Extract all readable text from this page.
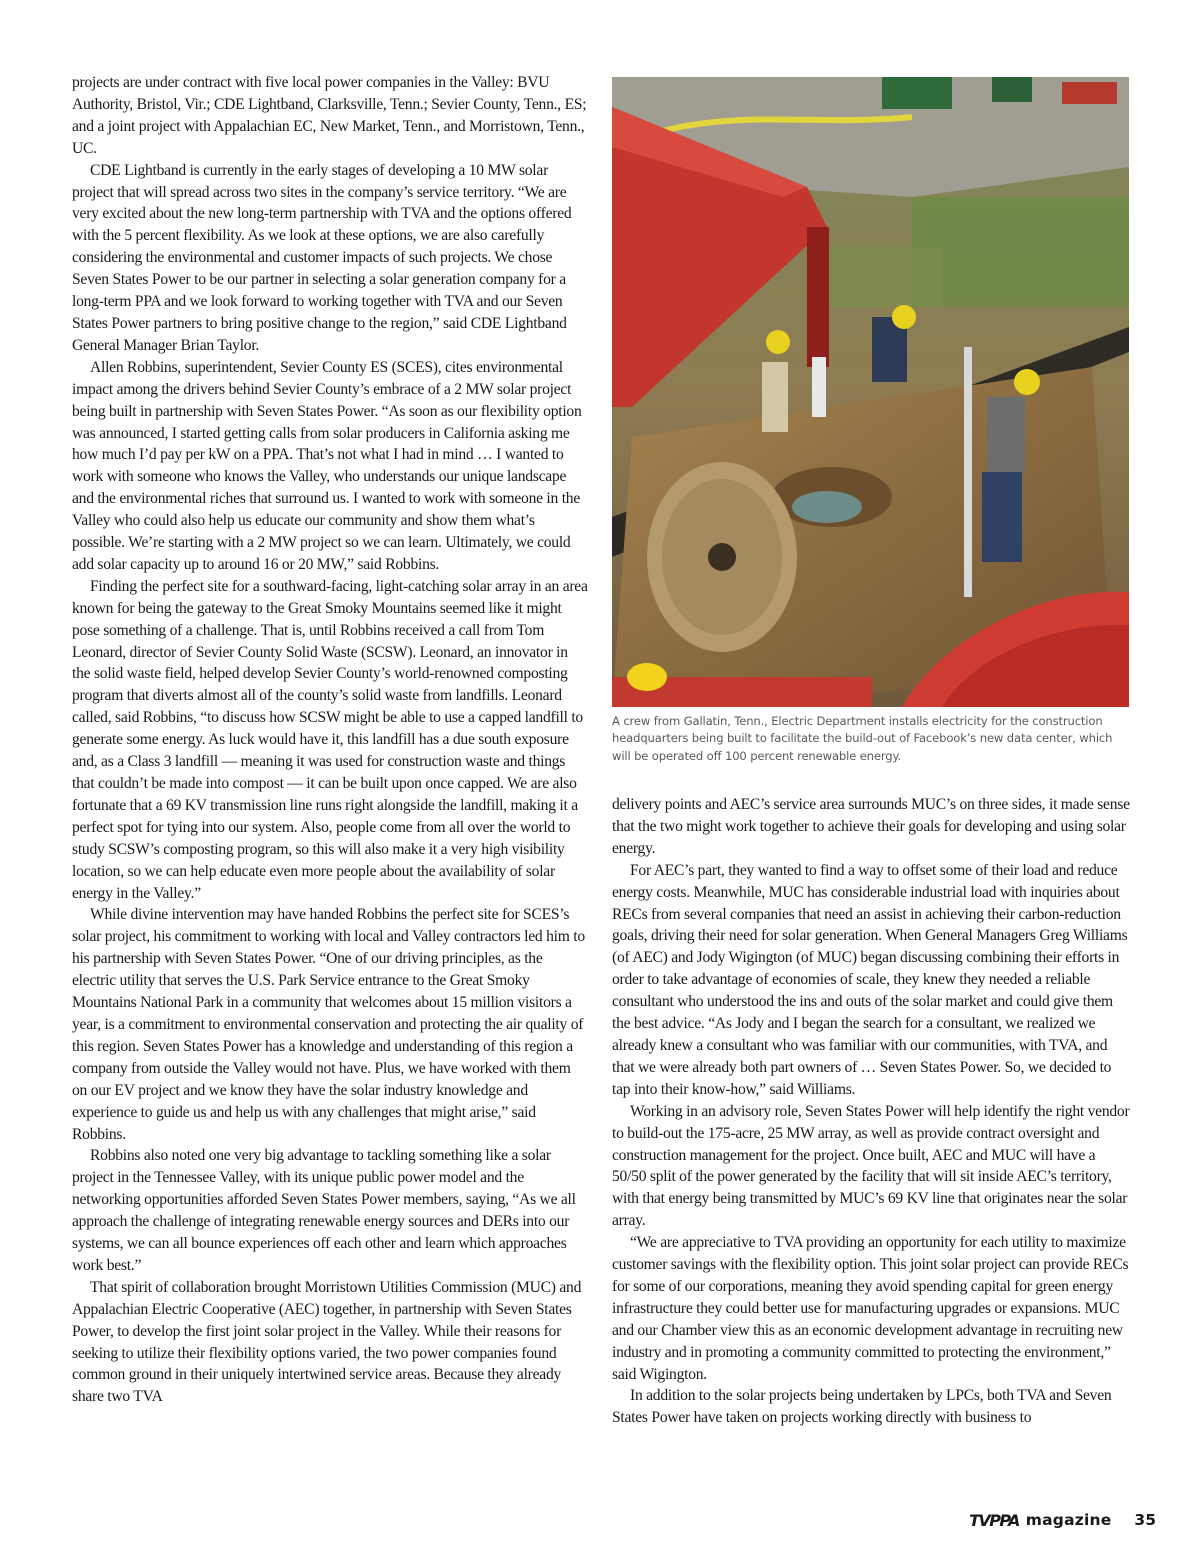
projects are under contract with five local power companies in the Valley: BVU Authority, Bristol, Vir.; CDE Lightband, Clarksville, Tenn.; Sevier County, Tenn., ES; and a joint project with Appalachian EC, New Market, Tenn., and Morristown, Tenn., UC.

CDE Lightband is currently in the early stages of developing a 10 MW solar project that will spread across two sites in the company’s service territory. “We are very excited about the new long-term partnership with TVA and the options offered with the 5 percent flexibility. As we look at these options, we are also carefully considering the environmental and customer impacts of such projects. We chose Seven States Power to be our partner in selecting a solar generation company for a long-term PPA and we look forward to working together with TVA and our Seven States Power partners to bring positive change to the region,” said CDE Lightband General Manager Brian Taylor.

Allen Robbins, superintendent, Sevier County ES (SCES), cites environmental impact among the drivers behind Sevier County’s embrace of a 2 MW solar project being built in partnership with Seven States Power. “As soon as our flexibility option was announced, I started getting calls from solar producers in California asking me how much I’d pay per kW on a PPA. That’s not what I had in mind … I wanted to work with someone who knows the Valley, who understands our unique landscape and the environmental riches that surround us. I wanted to work with someone in the Valley who could also help us educate our community and show them what’s possible. We’re starting with a 2 MW project so we can learn. Ultimately, we could add solar capacity up to around 16 or 20 MW,” said Robbins.

Finding the perfect site for a southward-facing, light-catching solar array in an area known for being the gateway to the Great Smoky Mountains seemed like it might pose something of a challenge. That is, until Robbins received a call from Tom Leonard, director of Sevier County Solid Waste (SCSW). Leonard, an innovator in the solid waste field, helped develop Sevier County’s world-renowned composting program that diverts almost all of the county’s solid waste from landfills. Leonard called, said Robbins, “to discuss how SCSW might be able to use a capped landfill to generate some energy. As luck would have it, this landfill has a due south exposure and, as a Class 3 landfill — meaning it was used for construction waste and things that couldn’t be made into compost — it can be built upon once capped. We are also fortunate that a 69 KV transmission line runs right alongside the landfill, making it a perfect spot for tying into our system. Also, people come from all over the world to study SCSW’s composting program, so this will also make it a very high visibility location, so we can help educate even more people about the availability of solar energy in the Valley.”

While divine intervention may have handed Robbins the perfect site for SCES’s solar project, his commitment to working with local and Valley contractors led him to his partnership with Seven States Power. “One of our driving principles, as the electric utility that serves the U.S. Park Service entrance to the Great Smoky Mountains National Park in a community that welcomes about 15 million visitors a year, is a commitment to environmental conservation and protecting the air quality of this region. Seven States Power has a knowledge and understanding of this region a company from outside the Valley would not have. Plus, we have worked with them on our EV project and we know they have the solar industry knowledge and experience to guide us and help us with any challenges that might arise,” said Robbins.

Robbins also noted one very big advantage to tackling something like a solar project in the Tennessee Valley, with its unique public power model and the networking opportunities afforded Seven States Power members, saying, “As we all approach the challenge of integrating renewable energy sources and DERs into our systems, we can all bounce experiences off each other and learn which approaches work best.”

That spirit of collaboration brought Morristown Utilities Commission (MUC) and Appalachian Electric Cooperative (AEC) together, in partnership with Seven States Power, to develop the first joint solar project in the Valley. While their reasons for seeking to utilize their flexibility options varied, the two power companies found common ground in their uniquely intertwined service areas. Because they already share two TVA

A crew from Gallatin, Tenn., Electric Department installs electricity for the construction headquarters being built to facilitate the build-out of Facebook’s new data center, which will be operated off 100 percent renewable energy.

delivery points and AEC’s service area surrounds MUC’s on three sides, it made sense that the two might work together to achieve their goals for developing and using solar energy.

For AEC’s part, they wanted to find a way to offset some of their load and reduce energy costs. Meanwhile, MUC has considerable industrial load with inquiries about RECs from several companies that need an assist in achieving their carbon-reduction goals, driving their need for solar generation. When General Managers Greg Williams (of AEC) and Jody Wigington (of MUC) began discussing combining their efforts in order to take advantage of economies of scale, they knew they needed a reliable consultant who understood the ins and outs of the solar market and could give them the best advice. “As Jody and I began the search for a consultant, we realized we already knew a consultant who was familiar with our communities, with TVA, and that we were already both part owners of … Seven States Power. So, we decided to tap into their know-how,” said Williams.

Working in an advisory role, Seven States Power will help identify the right vendor to build-out the 175-acre, 25 MW array, as well as provide contract oversight and construction management for the project. Once built, AEC and MUC will have a 50/50 split of the power generated by the facility that will sit inside AEC’s territory, with that energy being transmitted by MUC’s 69 KV line that originates near the solar array.

“We are appreciative to TVA providing an opportunity for each utility to maximize customer savings with the flexibility option. This joint solar project can provide RECs for some of our corporations, meaning they avoid spending capital for green energy infrastructure they could better use for manufacturing upgrades or expansions. MUC and our Chamber view this as an economic development advantage in recruiting new industry and in promoting a community committed to protecting the environment,” said Wigington.

In addition to the solar projects being undertaken by LPCs, both TVA and Seven States Power have taken on projects working directly with business to

TVPPA magazine 35
